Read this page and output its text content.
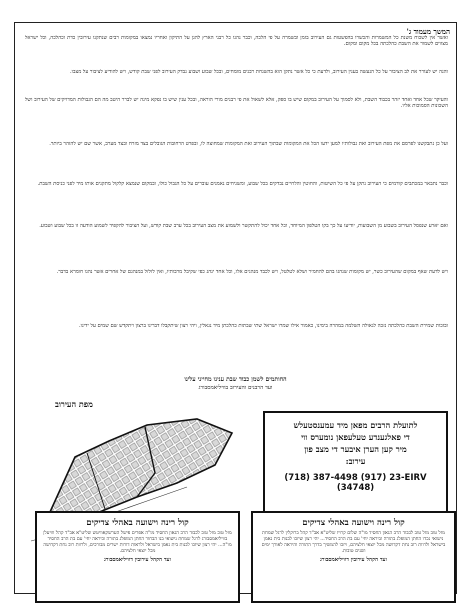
המשך מעמוד ג'
ואשר אין לשכוח משנת כל המשמרות והכשרו בהפשטות גם העירוב בזמן ובשמרה על פי הלכה, וכבר נהגו כל רבני הארץ להגן על התיקון ואחריו נמצאו במקומות רבים שנתקנו עירובין כדת וכהלכה, וכל ישראל מצווים לשמור את השבת כהלכתה בכל מקום ומקום.
והנה יש לעורר את לב הציבור על כל הנעשה בענין העירוב, ולדעת כי כל אשר נתקן הוא בהשגחת רבנים מומחים, ובכל שבוע ושבוע נבדק העירוב לפני שבת קודש, ויש להודיע לציבור על מצבו.
והעיקר שכל אחד ואחד יזהר בכבוד השבת, ולא לסמוך על העירוב במקום שיש בו ספק, אלא לשאול את פי רבנים מורי הוראה, ובכל ענין שיש בו נפקא מינה יש לברר היטב מה הם הגבולות המדויקים של העירוב ושל השכונות הסמוכות אליו.
ועל כן נתבקשנו לפרסם את מפת העירוב ואת גבולותיו למען ידעו הכל את המקומות שבתוך העירוב ואת המקומות שמחוצה לו, ובפרט הרחובות הגובלים בצד מזרח ובצד מערב, אשר שם יש להזהר ביותר.
וכבר נתבאר במכתבים קודמים כי העירוב נתקן על פי כל השיטות, והחוטין והלחיים נבדקים בכל שבוע, ומשגיחים נאמנים עוברים על כל הגבול כולו, ובמקום שנמצא קלקול מתקנים אותו מיד לפני כניסת השבת.
ואם יארע שנפסל העירוב בשבוע מן השבועות, יודיעו על כך בקו הטלפון המיוחד, וכל אחד יכול להתקשר ולשמוע את מצב העירוב בכל ערב שבת קודש, ועל הציבור להקפיד לשמוע הודעה זו בכל שבוע ושבוע.
ויש לדעת שאף במקום שהעירוב כשר, יש מקומות שנהגו בהם להחמיר ושלא לטלטל, ויש לכבד מנהגים אלו, וכל אחד ינהג כפי שקיבל מרבותיו, ואין לזלזל במנהגם של אחרים אשר נהגו חומרא בדבר.
ובזכות שמירת השבת כהלכתה נזכה לגאולה השלמה במהרה בימינו, כאמור אילו שמרו ישראל שתי שבתות כהלכתן מיד נגאלין, ויהי רצון שיתקבלו דברינו ברצון ויתקדש שם שמים על ידינו.
החותמים לשמן כבוד שבת ענינו מחייני עלינו
ועד הרבנים והעירוב בוויליאמסבורג
מפת העירוב
לתועלת הרבים מפאן מיד עמענסטעלש
די פאלגענדע טעלעפאן נומערס ווי
מיר קען הערן איבער די מצב פון
עירוב:
(718) 387-4498 (917) 23-EIRV
(34748)
קול רינה וישועה באהלי צדיקים
מזל טוב מזל טוב לכבוד הרב הגאון החסיד מו"ה אפרים פישל הערשקאוויטש שליט"א אב"ד קהל ווויעלן בוויליאמסבורג לרגל שמחת נישואי בנו הבחור החתן המופלג בתורה וביראה יחי' עם בת הרב החסיד מו"ה... יהי רצון שיזכו לבנות בית נאמן בישראל ולראות דורות ישרים מבורכים, ולרוות רוב נחת דקדושה מכל יוצאי חלציהם.
ועד הקהל עירובין דוויליאמסבורג
קול רינה וישועה באהלי צדיקים
מזל טוב מזל טוב לכבוד הרב הגאון החסיד מו"ה שלום קרויז שליט"א אב"ד קהל ברוקלין לרגל שמחת נישואי נכדו החתן המופלג בתורה וביראה יחי' עם בת הרב החסיד... יהי רצון שיזכו לבנות בית נאמן בישראל ולרוות רוב נחת דקדושה מכל יוצאי חלציהם, ויזכו להמשיך בדרך התורה והיראה לאורך ימים ושנים טובות.
ועד הקהל עירובין דוויליאמסבורג
